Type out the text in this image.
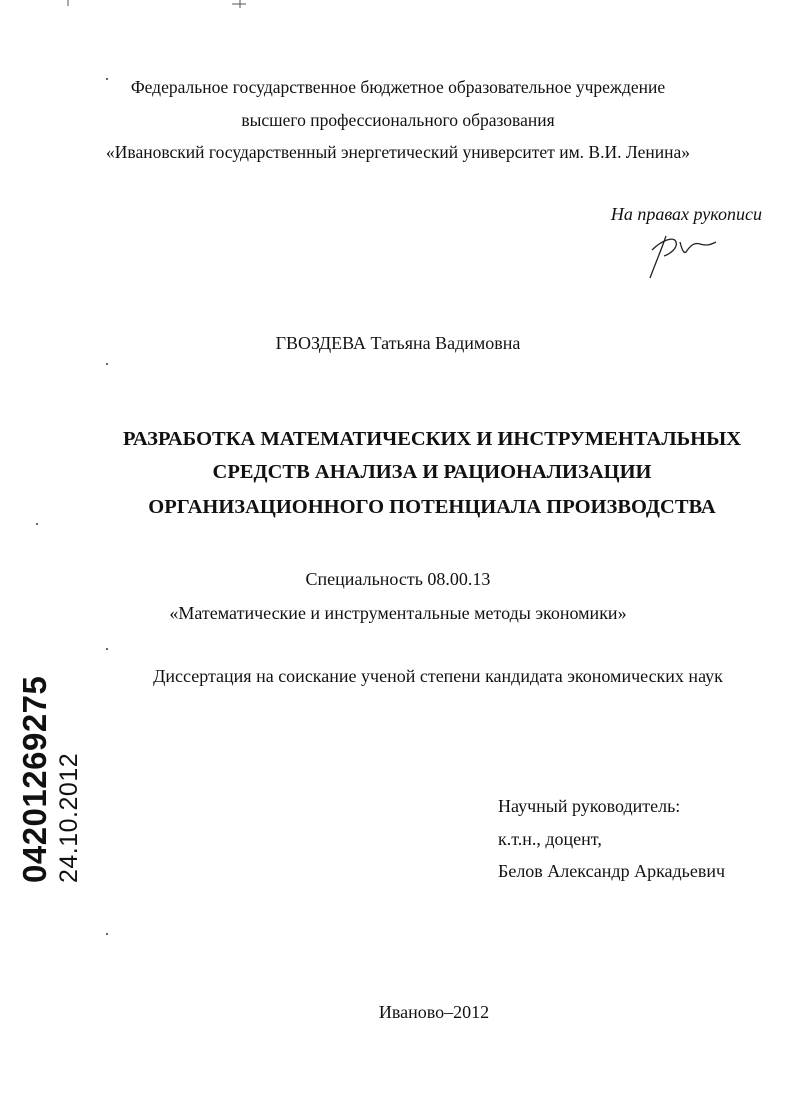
Федеральное государственное бюджетное образовательное учреждение
высшего профессионального образования
«Ивановский государственный энергетический университет им. В.И. Ленина»
На правах рукописи
ГВОЗДЕВА Татьяна Вадимовна
РАЗРАБОТКА МАТЕМАТИЧЕСКИХ И ИНСТРУМЕНТАЛЬНЫХ
СРЕДСТВ АНАЛИЗА И РАЦИОНАЛИЗАЦИИ
ОРГАНИЗАЦИОННОГО ПОТЕНЦИАЛА ПРОИЗВОДСТВА
Специальность 08.00.13
«Математические и инструментальные методы экономики»
Диссертация на соискание ученой степени кандидата экономических наук
Научный руководитель:
к.т.н., доцент,
Белов Александр Аркадьевич
Иваново–2012
04201269275 24.10.2012
